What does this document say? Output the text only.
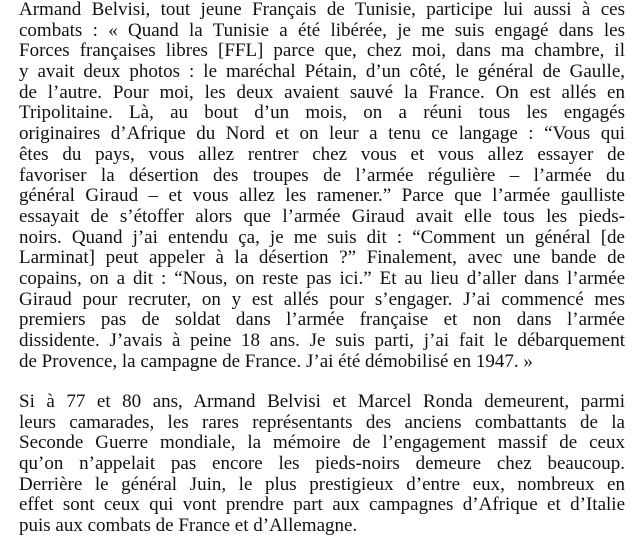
Armand Belvisi, tout jeune Français de Tunisie, participe lui aussi à ces
combats : « Quand la Tunisie a été libérée, je me suis engagé dans les
Forces françaises libres [FFL] parce que, chez moi, dans ma chambre, il
y avait deux photos : le maréchal Pétain, d’un côté, le général de Gaulle,
de l’autre. Pour moi, les deux avaient sauvé la France. On est allés en
Tripolitaine. Là, au bout d’un mois, on a réuni tous les engagés
originaires d’Afrique du Nord et on leur a tenu ce langage : “Vous qui
êtes du pays, vous allez rentrer chez vous et vous allez essayer de
favoriser la désertion des troupes de l’armée régulière – l’armée du
général Giraud – et vous allez les ramener.” Parce que l’armée gaulliste
essayait de s’étoffer alors que l’armée Giraud avait elle tous les pieds-
noirs. Quand j’ai entendu ça, je me suis dit : “Comment un général [de
Larminat] peut appeler à la désertion ?” Finalement, avec une bande de
copains, on a dit : “Nous, on reste pas ici.” Et au lieu d’aller dans l’armée
Giraud pour recruter, on y est allés pour s’engager. J’ai commencé mes
premiers pas de soldat dans l’armée française et non dans l’armée
dissidente. J’avais à peine 18 ans. Je suis parti, j’ai fait le débarquement
de Provence, la campagne de France. J’ai été démobilisé en 1947. »
Si à 77 et 80 ans, Armand Belvisi et Marcel Ronda demeurent, parmi
leurs camarades, les rares représentants des anciens combattants de la
Seconde Guerre mondiale, la mémoire de l’engagement massif de ceux
qu’on n’appelait pas encore les pieds-noirs demeure chez beaucoup.
Derrière le général Juin, le plus prestigieux d’entre eux, nombreux en
effet sont ceux qui vont prendre part aux campagnes d’Afrique et d’Italie
puis aux combats de France et d’Allemagne.
